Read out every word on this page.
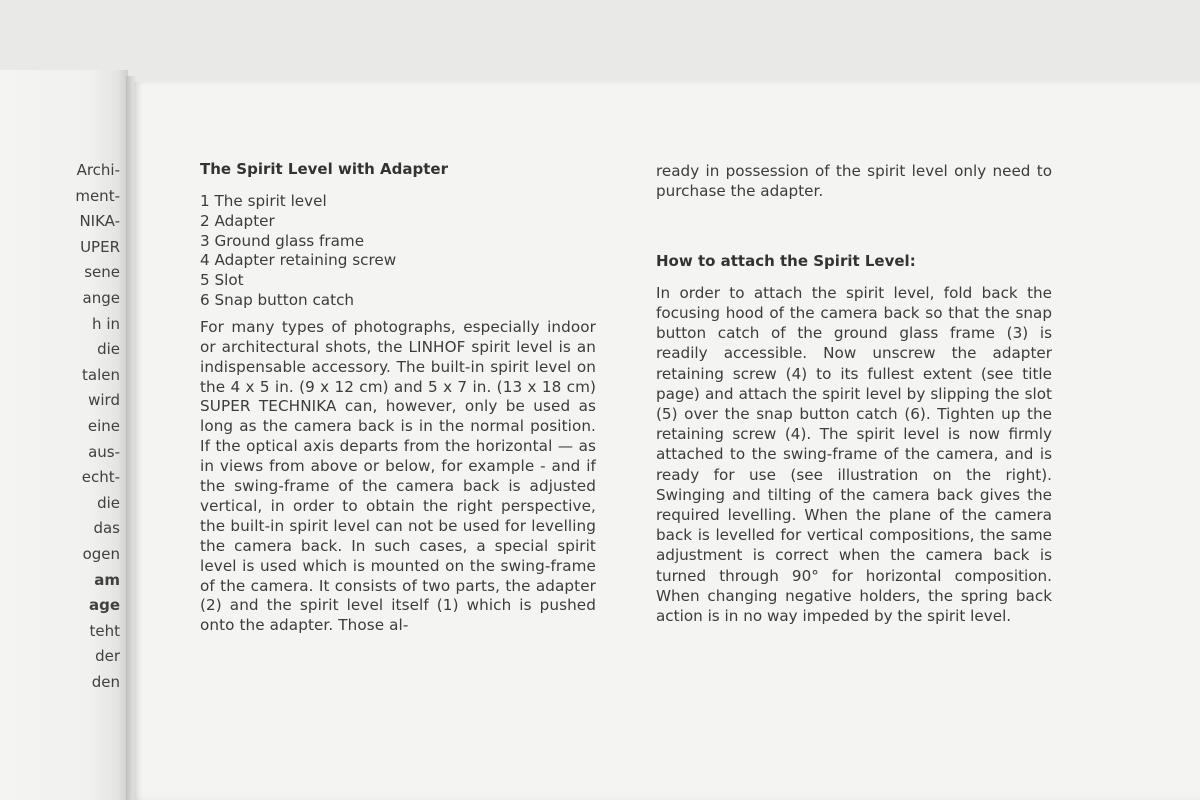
Archi-
ment-
NIKA-
UPER
sene
ange
h in
die
talen
wird
eine
aus-
echt-
die
das
ogen
am
age
teht
der
den
The Spirit Level with Adapter
1 The spirit level
2 Adapter
3 Ground glass frame
4 Adapter retaining screw
5 Slot
6 Snap button catch

For many types of photographs, especially indoor or architectural shots, the LINHOF spirit level is an indispensable accessory. The built-in spirit level on the 4 x 5 in. (9 x 12 cm) and 5 x 7 in. (13 x 18 cm) SUPER TECHNIKA can, however, only be used as long as the camera back is in the normal position. If the optical axis departs from the horizontal — as in views from above or below, for example - and if the swing-frame of the camera back is adjusted vertical, in order to obtain the right perspective, the built-in spirit level can not be used for levelling the camera back. In such cases, a special spirit level is used which is mounted on the swing-frame of the camera. It consists of two parts, the adapter (2) and the spirit level itself (1) which is pushed onto the adapter. Those al-

ready in possession of the spirit level only need to purchase the adapter.

How to attach the Spirit Level:

In order to attach the spirit level, fold back the focusing hood of the camera back so that the snap button catch of the ground glass frame (3) is readily accessible. Now unscrew the adapter retaining screw (4) to its fullest extent (see title page) and attach the spirit level by slipping the slot (5) over the snap button catch (6). Tighten up the retaining screw (4). The spirit level is now firmly attached to the swing-frame of the camera, and is ready for use (see illustration on the right). Swinging and tilting of the camera back gives the required levelling. When the plane of the camera back is levelled for vertical compositions, the same adjustment is correct when the camera back is turned through 90° for horizontal composition. When changing negative holders, the spring back action is in no way impeded by the spirit level.
